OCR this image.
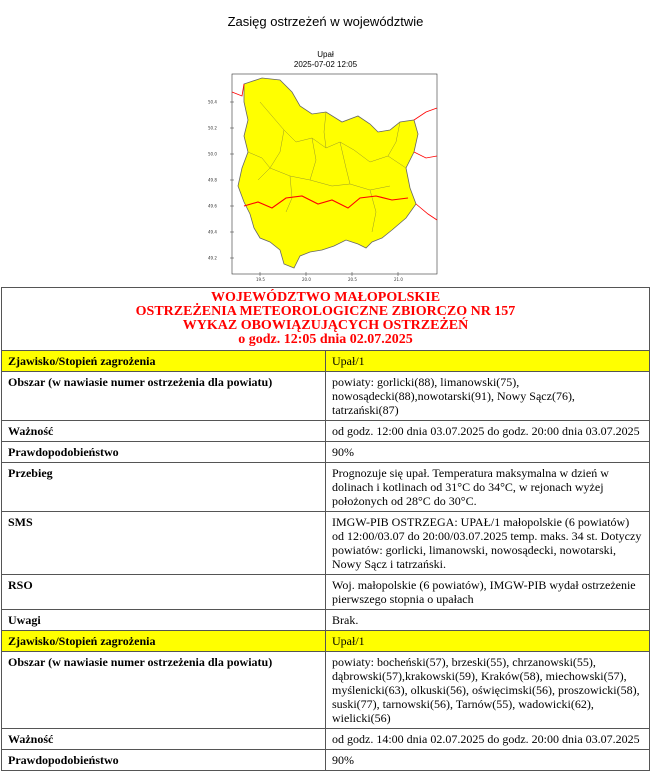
Zasięg ostrzeżeń w województwie
Upał
2025-07-02 12:05
50.4
50.2
50.0
49.8
49.6
49.4
49.2
19.5	20.0	20.5	21.0
WOJEWÓDZTWO MAŁOPOLSKIE
OSTRZEŻENIA METEOROLOGICZNE ZBIORCZO NR 157
WYKAZ OBOWIĄZUJĄCYCH OSTRZEŻEŃ
o godz. 12:05 dnia 02.07.2025	

Zjawisko/Stopień zagrożenia	Upał/1
Obszar (w nawiasie numer ostrzeżenia dla powiatu)	powiaty: gorlicki(88), limanowski(75), nowosądecki(88),nowotarski(91), Nowy Sącz(76), tatrzański(87)
Ważność	od godz. 12:00 dnia 03.07.2025 do godz. 20:00 dnia 03.07.2025
Prawdopodobieństwo	90%
Przebieg	Prognozuje się upał. Temperatura maksymalna w dzień w dolinach i kotlinach od 31°C do 34°C, w rejonach wyżej położonych od 28°C do 30°C.
SMS	IMGW-PIB OSTRZEGA: UPAŁ/1 małopolskie (6 powiatów) od 12:00/03.07 do 20:00/03.07.2025 temp. maks. 34 st. Dotyczy powiatów: gorlicki, limanowski, nowosądecki, nowotarski, Nowy Sącz i tatrzański.
RSO	Woj. małopolskie (6 powiatów), IMGW-PIB wydał ostrzeżenie pierwszego stopnia o upałach
Uwagi	Brak.
Zjawisko/Stopień zagrożenia	Upał/1
Obszar (w nawiasie numer ostrzeżenia dla powiatu)	powiaty: bocheński(57), brzeski(55), chrzanowski(55), dąbrowski(57),krakowski(59), Kraków(58), miechowski(57), myślenicki(63), olkuski(56), oświęcimski(56), proszowicki(58), suski(77), tarnowski(56), Tarnów(55), wadowicki(62), wielicki(56)
Ważność	od godz. 14:00 dnia 02.07.2025 do godz. 20:00 dnia 03.07.2025
Prawdopodobieństwo	90%
